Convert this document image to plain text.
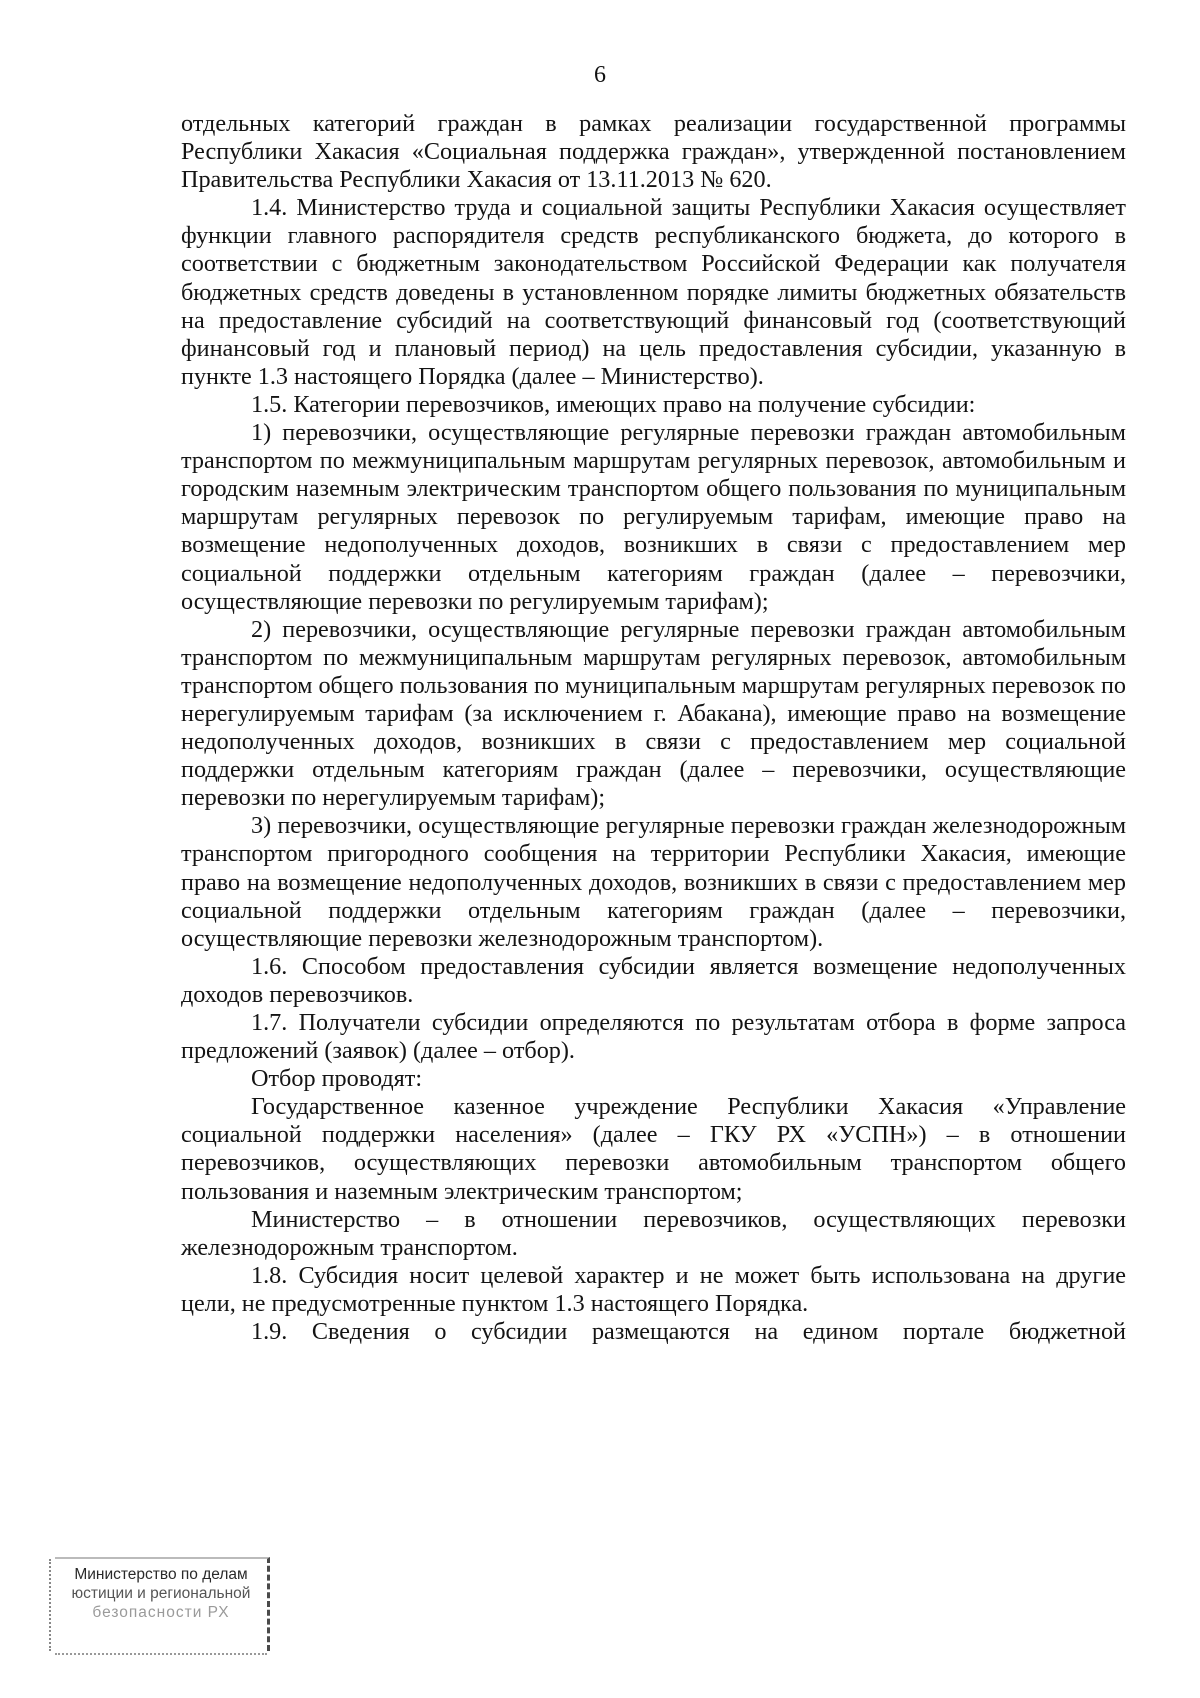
6

отдельных категорий граждан в рамках реализации государственной программы Республики Хакасия «Социальная поддержка граждан», утвержденной постановлением Правительства Республики Хакасия от 13.11.2013 № 620.

1.4. Министерство труда и социальной защиты Республики Хакасия осуществляет функции главного распорядителя средств республиканского бюджета, до которого в соответствии с бюджетным законодательством Российской Федерации как получателя бюджетных средств доведены в установленном порядке лимиты бюджетных обязательств на предоставление субсидий на соответствующий финансовый год (соответствующий финансовый год и плановый период) на цель предоставления субсидии, указанную в пункте 1.3 настоящего Порядка (далее – Министерство).

1.5. Категории перевозчиков, имеющих право на получение субсидии:

1) перевозчики, осуществляющие регулярные перевозки граждан автомобильным транспортом по межмуниципальным маршрутам регулярных перевозок, автомобильным и городским наземным электрическим транспортом общего пользования по муниципальным маршрутам регулярных перевозок по регулируемым тарифам, имеющие право на возмещение недополученных доходов, возникших в связи с предоставлением мер социальной поддержки отдельным категориям граждан (далее – перевозчики, осуществляющие перевозки по регулируемым тарифам);

2) перевозчики, осуществляющие регулярные перевозки граждан автомобильным транспортом по межмуниципальным маршрутам регулярных перевозок, автомобильным транспортом общего пользования по муниципальным маршрутам регулярных перевозок по нерегулируемым тарифам (за исключением г. Абакана), имеющие право на возмещение недополученных доходов, возникших в связи с предоставлением мер социальной поддержки отдельным категориям граждан (далее – перевозчики, осуществляющие перевозки по нерегулируемым тарифам);

3) перевозчики, осуществляющие регулярные перевозки граждан железнодорожным транспортом пригородного сообщения на территории Республики Хакасия, имеющие право на возмещение недополученных доходов, возникших в связи с предоставлением мер социальной поддержки отдельным категориям граждан (далее – перевозчики, осуществляющие перевозки железнодорожным транспортом).

1.6. Способом предоставления субсидии является возмещение недополученных доходов перевозчиков.

1.7. Получатели субсидии определяются по результатам отбора в форме запроса предложений (заявок) (далее – отбор).

Отбор проводят:

Государственное казенное учреждение Республики Хакасия «Управление социальной поддержки населения» (далее – ГКУ РХ «УСПН») – в отношении перевозчиков, осуществляющих перевозки автомобильным транспортом общего пользования и наземным электрическим транспортом;

Министерство – в отношении перевозчиков, осуществляющих перевозки железнодорожным транспортом.

1.8. Субсидия носит целевой характер и не может быть использована на другие цели, не предусмотренные пунктом 1.3 настоящего Порядка.

1.9. Сведения о субсидии размещаются на едином портале бюджетной

Министерство по делам
юстиции и региональной
безопасности РХ
